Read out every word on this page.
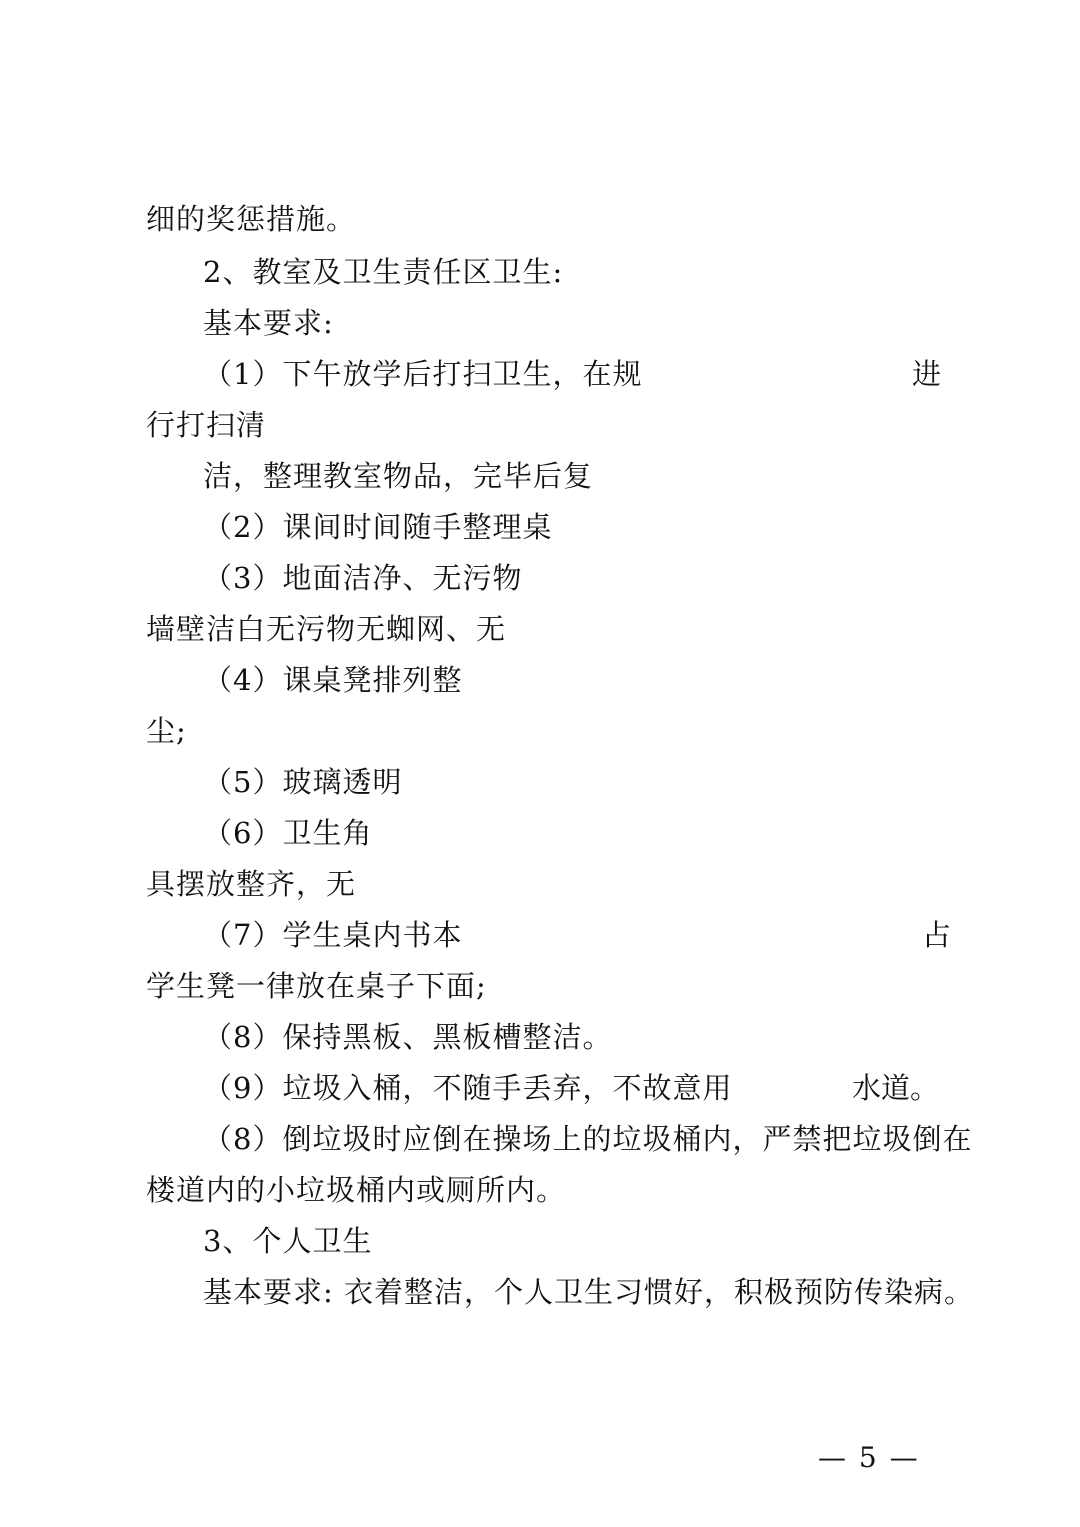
细的奖惩措施。
2、教室及卫生责任区卫生:
基本要求:
（1）下午放学后打扫卫生，在规	进
行打扫清
洁，整理教室物品，完毕后复
（2）课间时间随手整理桌
（3）地面洁净、无污物
墙壁洁白无污物无蜘网、无
（4）课桌凳排列整
尘;
（5）玻璃透明
（6）卫生角
具摆放整齐，无
（7）学生桌内书本	占
学生凳一律放在桌子下面;
（8）保持黑板、黑板槽整洁。
（9）垃圾入桶，不随手丢弃，不故意用	水道。
（8）倒垃圾时应倒在操场上的垃圾桶内，严禁把垃圾倒在
楼道内的小垃圾桶内或厕所内。
3、个人卫生
基本要求: 衣着整洁，个人卫生习惯好，积极预防传染病。
— 5 —
